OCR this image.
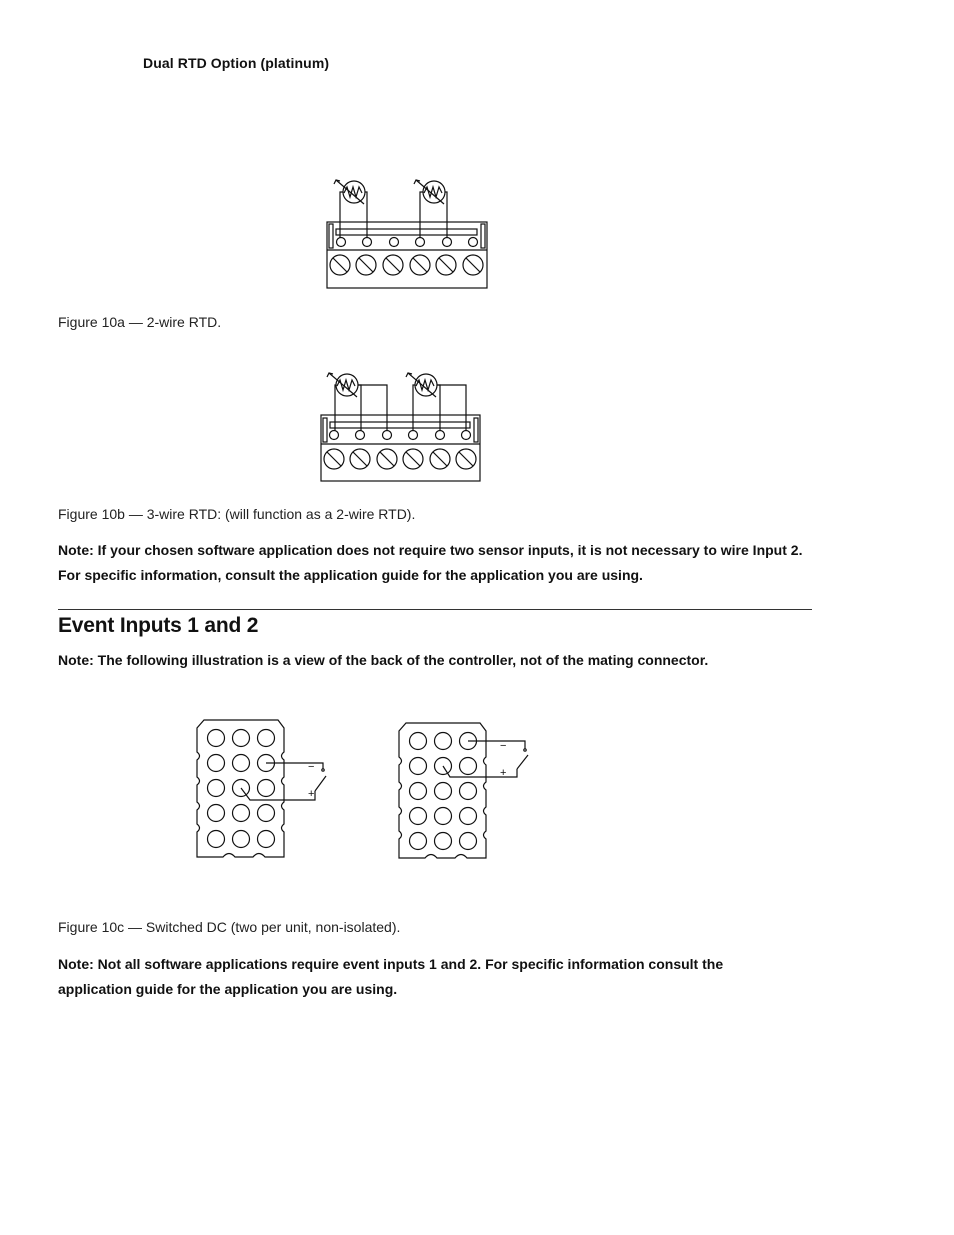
Dual RTD Option (platinum)
Figure 10a — 2-wire RTD.
Figure 10b — 3-wire RTD: (will function as a 2-wire RTD).
Note: If your chosen software application does not require two sensor inputs, it is not necessary to wire Input 2. For specific information, consult the application guide for the application you are using.
Event Inputs 1 and 2
Note: The following illustration is a view of the back of the controller, not of the mating connector.
−
+
−
+
Figure 10c — Switched DC (two per unit, non-isolated).
Note: Not all software applications require event inputs 1 and 2. For specific information consult the application guide for the application you are using.
